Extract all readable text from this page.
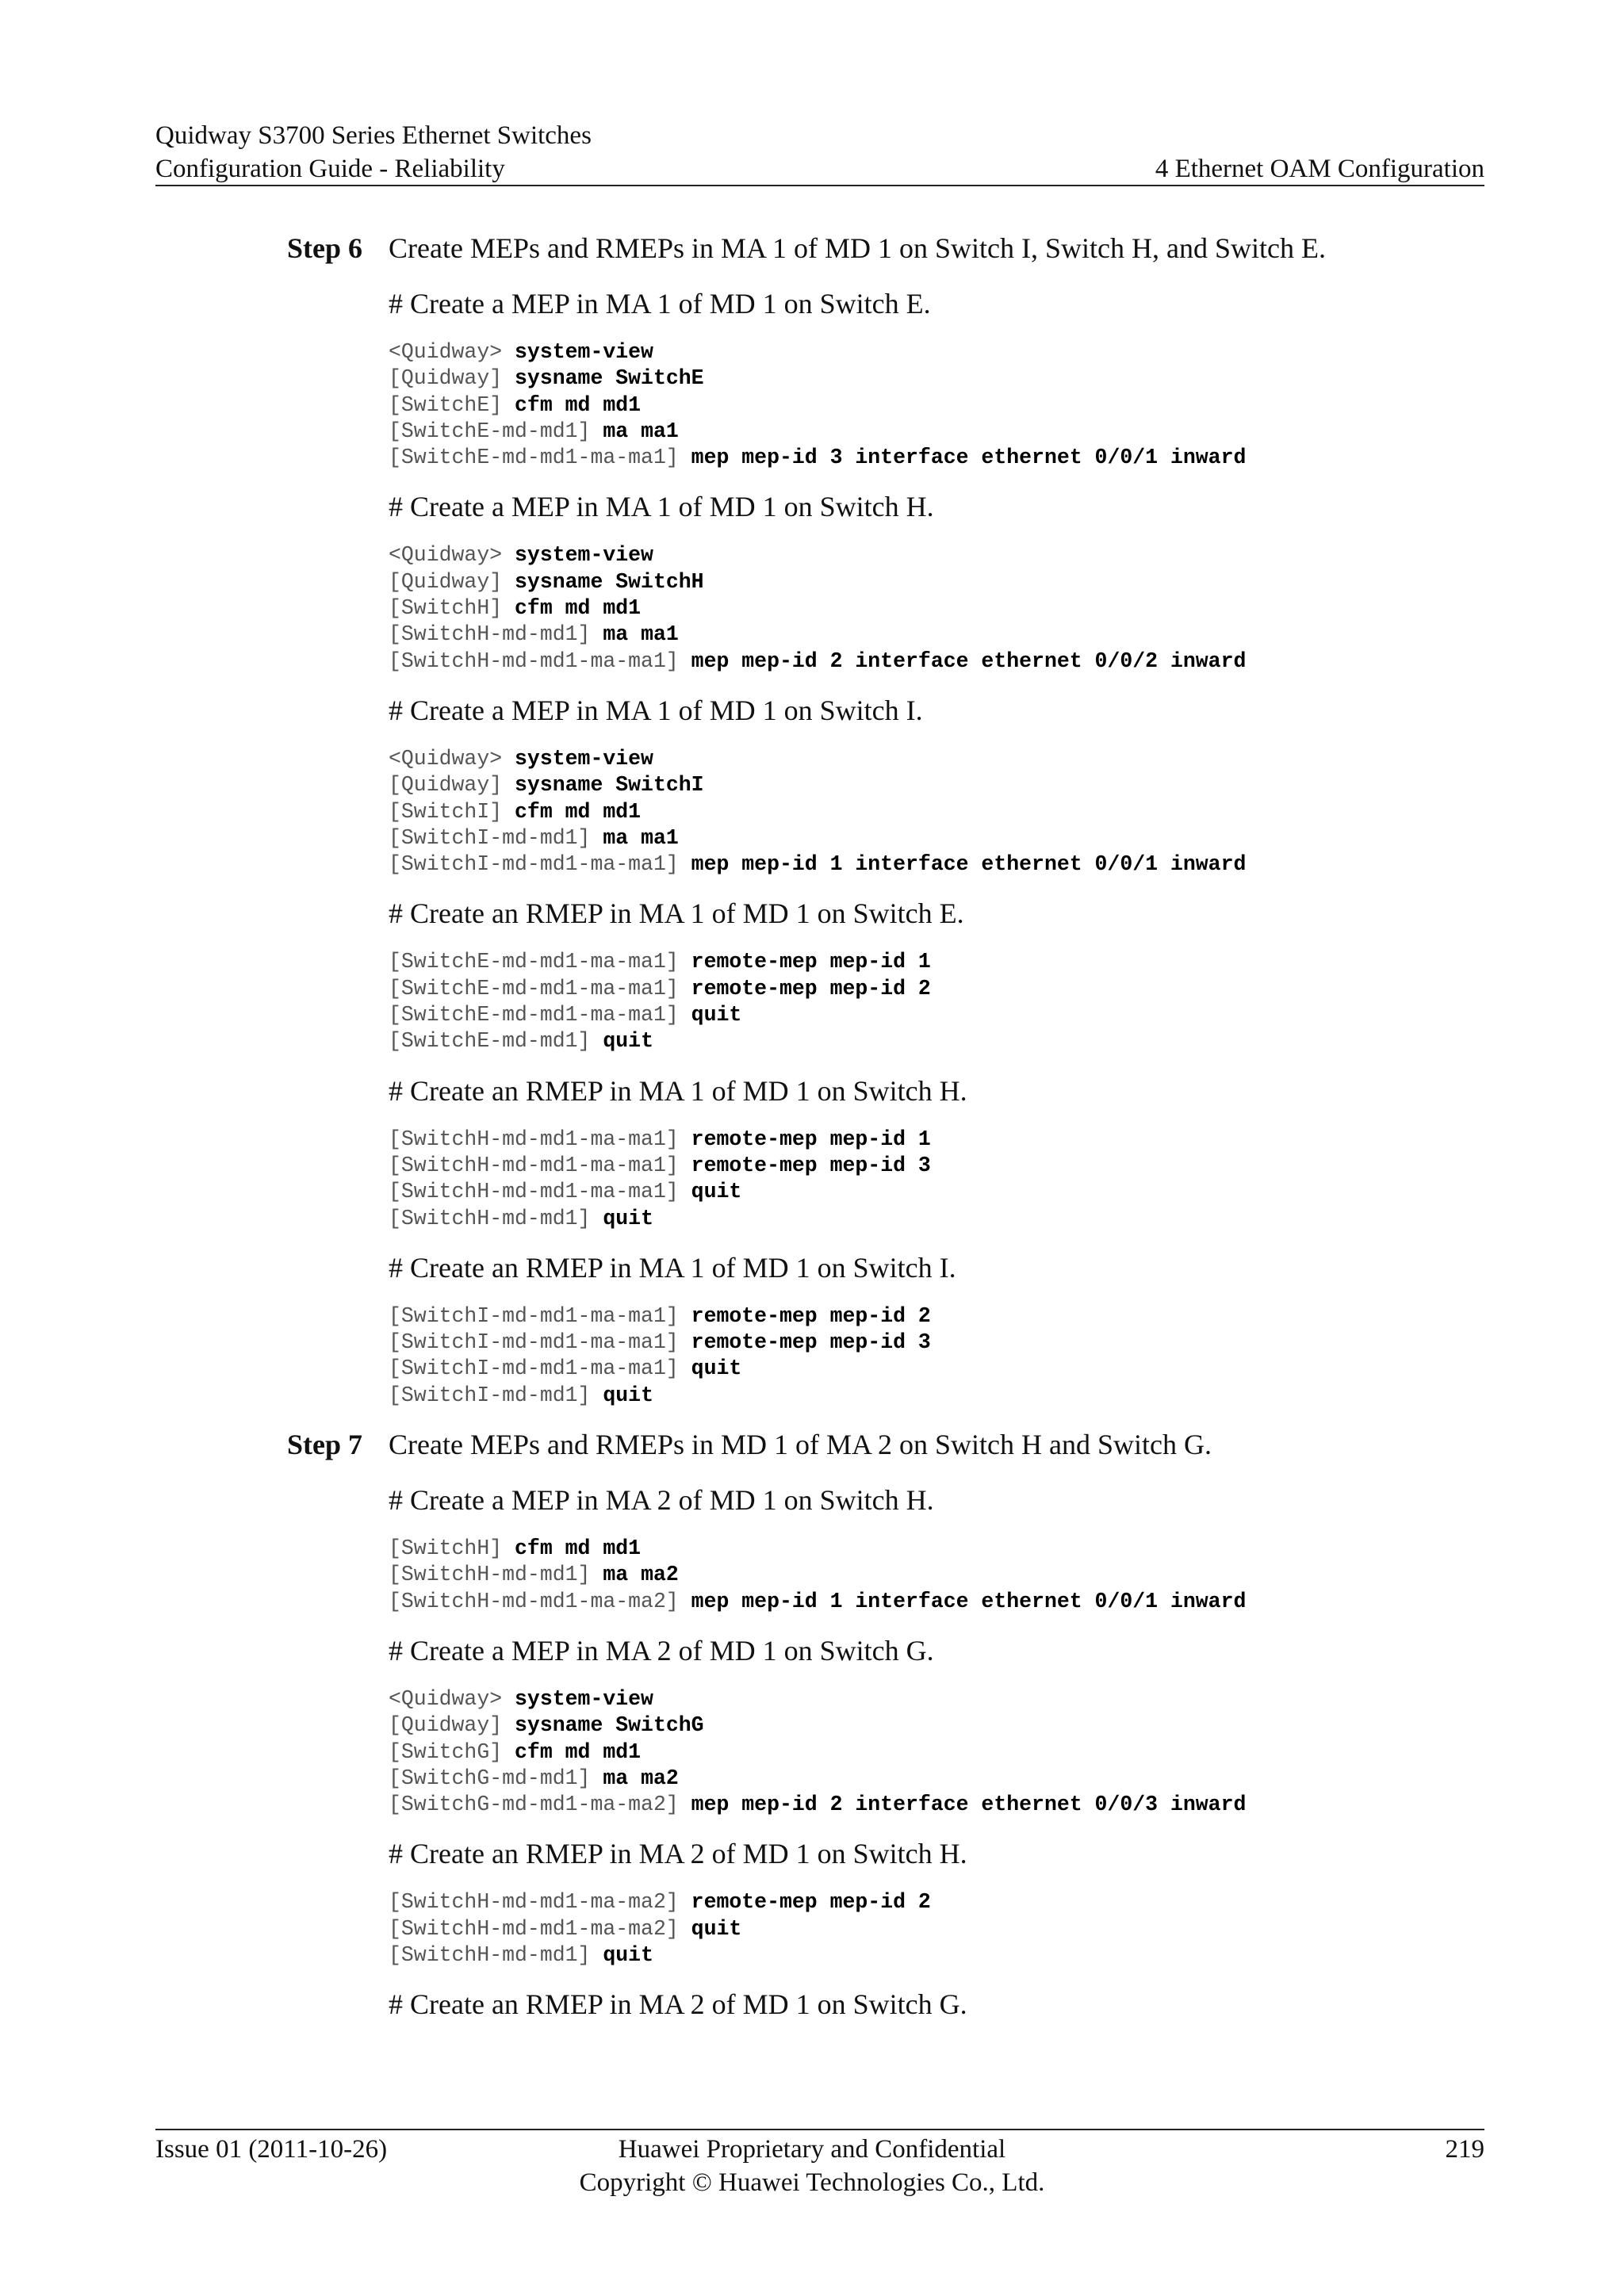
Quidway S3700 Series Ethernet Switches
Configuration Guide - Reliability	4 Ethernet OAM Configuration
Step 6 Create MEPs and RMEPs in MA 1 of MD 1 on Switch I, Switch H, and Switch E.
# Create a MEP in MA 1 of MD 1 on Switch E.
<Quidway> system-view
[Quidway] sysname SwitchE
[SwitchE] cfm md md1
[SwitchE-md-md1] ma ma1
[SwitchE-md-md1-ma-ma1] mep mep-id 3 interface ethernet 0/0/1 inward
# Create a MEP in MA 1 of MD 1 on Switch H.
<Quidway> system-view
[Quidway] sysname SwitchH
[SwitchH] cfm md md1
[SwitchH-md-md1] ma ma1
[SwitchH-md-md1-ma-ma1] mep mep-id 2 interface ethernet 0/0/2 inward
# Create a MEP in MA 1 of MD 1 on Switch I.
<Quidway> system-view
[Quidway] sysname SwitchI
[SwitchI] cfm md md1
[SwitchI-md-md1] ma ma1
[SwitchI-md-md1-ma-ma1] mep mep-id 1 interface ethernet 0/0/1 inward
# Create an RMEP in MA 1 of MD 1 on Switch E.
[SwitchE-md-md1-ma-ma1] remote-mep mep-id 1
[SwitchE-md-md1-ma-ma1] remote-mep mep-id 2
[SwitchE-md-md1-ma-ma1] quit
[SwitchE-md-md1] quit
# Create an RMEP in MA 1 of MD 1 on Switch H.
[SwitchH-md-md1-ma-ma1] remote-mep mep-id 1
[SwitchH-md-md1-ma-ma1] remote-mep mep-id 3
[SwitchH-md-md1-ma-ma1] quit
[SwitchH-md-md1] quit
# Create an RMEP in MA 1 of MD 1 on Switch I.
[SwitchI-md-md1-ma-ma1] remote-mep mep-id 2
[SwitchI-md-md1-ma-ma1] remote-mep mep-id 3
[SwitchI-md-md1-ma-ma1] quit
[SwitchI-md-md1] quit
Step 7 Create MEPs and RMEPs in MD 1 of MA 2 on Switch H and Switch G.
# Create a MEP in MA 2 of MD 1 on Switch H.
[SwitchH] cfm md md1
[SwitchH-md-md1] ma ma2
[SwitchH-md-md1-ma-ma2] mep mep-id 1 interface ethernet 0/0/1 inward
# Create a MEP in MA 2 of MD 1 on Switch G.
<Quidway> system-view
[Quidway] sysname SwitchG
[SwitchG] cfm md md1
[SwitchG-md-md1] ma ma2
[SwitchG-md-md1-ma-ma2] mep mep-id 2 interface ethernet 0/0/3 inward
# Create an RMEP in MA 2 of MD 1 on Switch H.
[SwitchH-md-md1-ma-ma2] remote-mep mep-id 2
[SwitchH-md-md1-ma-ma2] quit
[SwitchH-md-md1] quit
# Create an RMEP in MA 2 of MD 1 on Switch G.
Issue 01 (2011-10-26)	Huawei Proprietary and Confidential
Copyright © Huawei Technologies Co., Ltd.
219
